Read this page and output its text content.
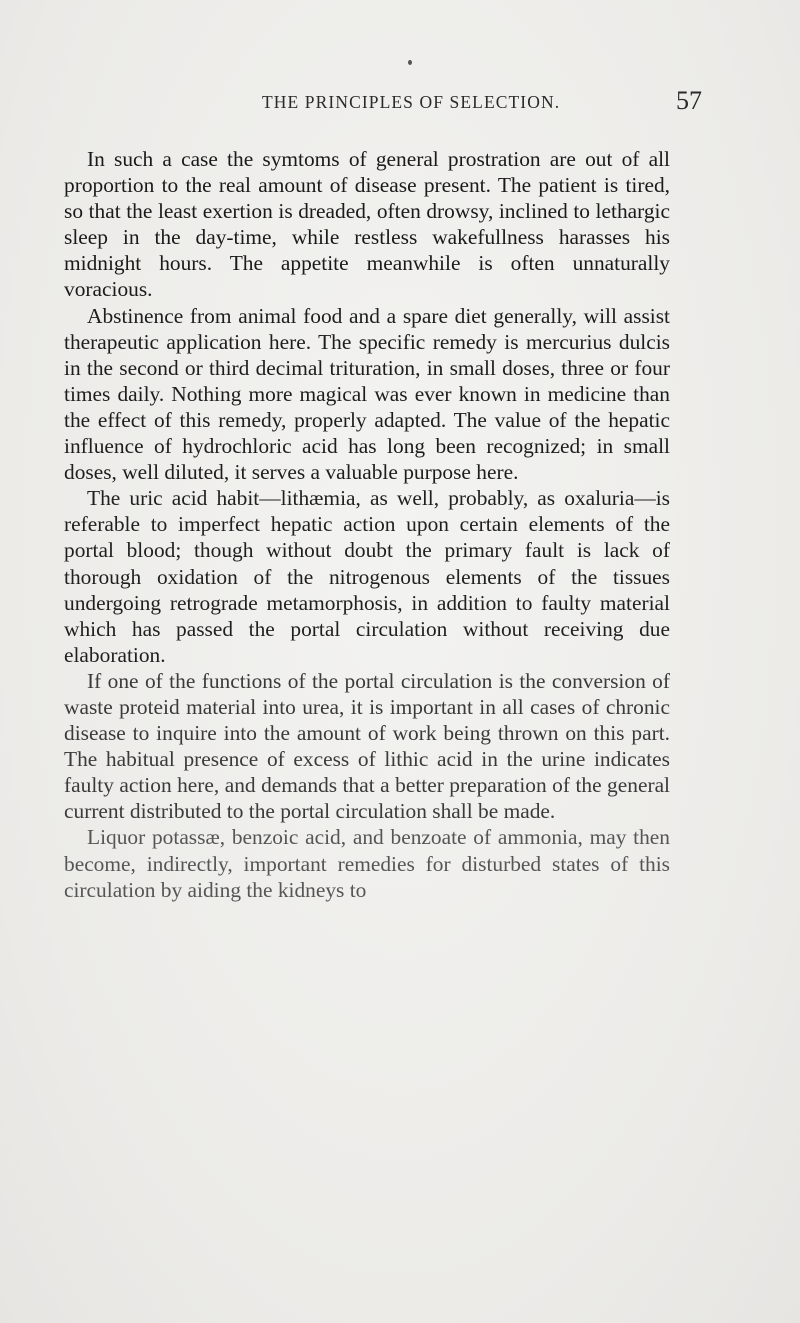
THE PRINCIPLES OF SELECTION.	57

In such a case the symtoms of general prostration are out of all proportion to the real amount of disease present. The patient is tired, so that the least exertion is dreaded, often drowsy, inclined to lethargic sleep in the day-time, while restless wakefullness harasses his midnight hours. The appetite meanwhile is often unnaturally voracious.

Abstinence from animal food and a spare diet generally, will assist therapeutic application here. The specific remedy is mercurius dulcis in the second or third decimal trituration, in small doses, three or four times daily. Nothing more magical was ever known in medicine than the effect of this remedy, properly adapted. The value of the hepatic influence of hydrochloric acid has long been recognized; in small doses, well diluted, it serves a valuable purpose here.

The uric acid habit—lithæmia, as well, probably, as oxaluria—is referable to imperfect hepatic action upon certain elements of the portal blood; though without doubt the primary fault is lack of thorough oxidation of the nitrogenous elements of the tissues undergoing retrograde metamorphosis, in addition to faulty material which has passed the portal circulation without receiving due elaboration.

If one of the functions of the portal circulation is the conversion of waste proteid material into urea, it is important in all cases of chronic disease to inquire into the amount of work being thrown on this part. The habitual presence of excess of lithic acid in the urine indicates faulty action here, and demands that a better preparation of the general current distributed to the portal circulation shall be made.

Liquor potassæ, benzoic acid, and benzoate of ammonia, may then become, indirectly, important remedies for disturbed states of this circulation by aiding the kidneys to
